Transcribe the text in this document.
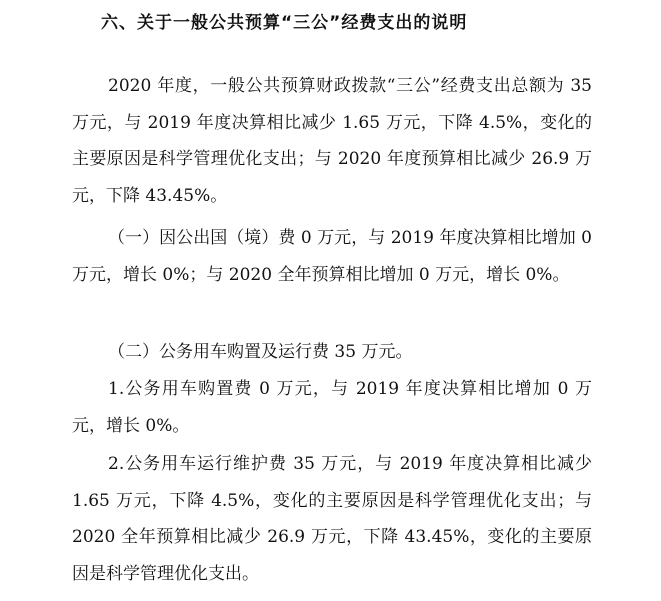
六、关于一般公共预算“三公”经费支出的说明

2020 年度，一般公共预算财政拨款“三公”经费支出总额为 35 万元，与 2019 年度决算相比减少 1.65 万元，下降 4.5%，变化的主要原因是科学管理优化支出；与 2020 年度预算相比减少 26.9 万元，下降 43.45%。

（一）因公出国（境）费 0 万元，与 2019 年度决算相比增加 0 万元，增长 0%；与 2020 全年预算相比增加 0 万元，增长 0%。

（二）公务用车购置及运行费 35 万元。

1.公务用车购置费 0 万元，与 2019 年度决算相比增加 0 万元，增长 0%。

2.公务用车运行维护费 35 万元，与 2019 年度决算相比减少 1.65 万元，下降 4.5%，变化的主要原因是科学管理优化支出；与 2020 全年预算相比减少 26.9 万元，下降 43.45%，变化的主要原因是科学管理优化支出。
